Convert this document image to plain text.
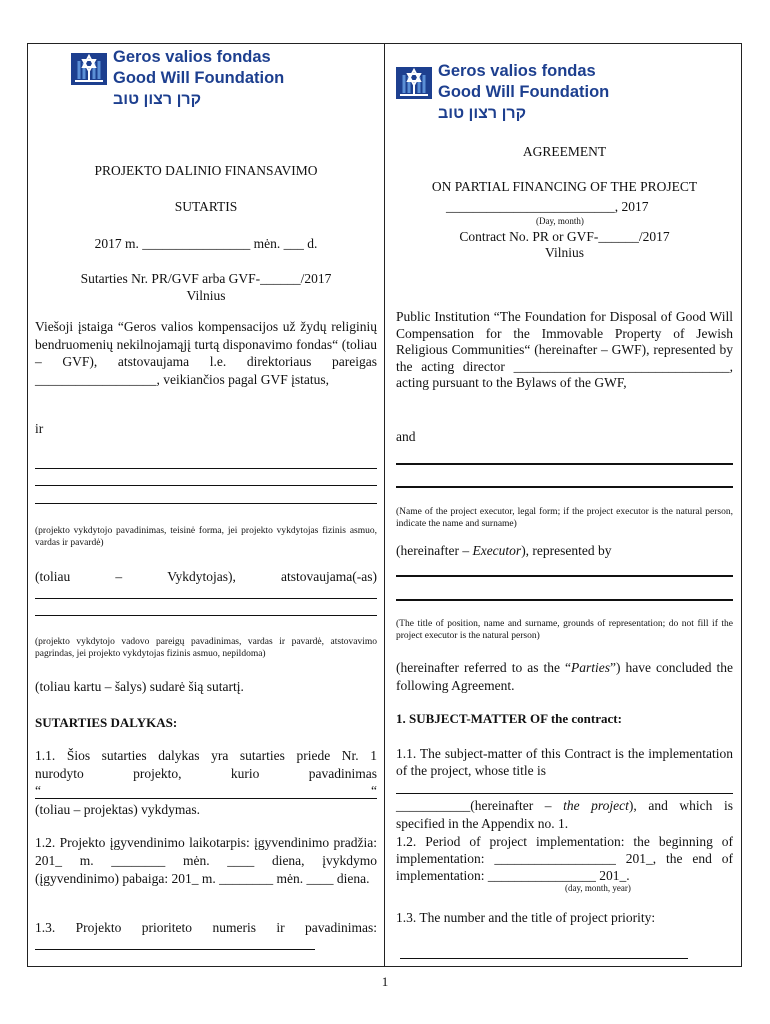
Geros valios fondas
Good Will Foundation
קרן רצון טוב
PROJEKTO DALINIO FINANSAVIMO
SUTARTIS
2017 m. ________________ mėn. ___ d.
Sutarties Nr. PR/GVF arba GVF-______/2017
Vilnius

Viešoji įstaiga “Geros valios kompensacijos už žydų religinių bendruomenių nekilnojamąjį turtą disponavimo fondas“ (toliau – GVF), atstovaujama l.e. direktoriaus pareigas __________________, veikiančios pagal GVF įstatus,

ir

(projekto vykdytojo pavadinimas, teisinė forma, jei projekto vykdytojas fizinis asmuo, vardas ir pavardė)

(toliau	–	Vykdytojas),	atstovaujama(-as)

(projekto vykdytojo vadovo pareigų pavadinimas, vardas ir pavardė, atstovavimo pagrindas, jei projekto vykdytojas fizinis asmuo, nepildoma)

(toliau kartu – šalys) sudarė šią sutartį.
SUTARTIES DALYKAS:
1.1. Šios sutarties dalykas yra sutarties priede Nr. 1
nurodyto projekto, kurio pavadinimas
“	“
(toliau – projektas) vykdymas.

1.2. Projekto įgyvendinimo laikotarpis: įgyvendinimo pradžia: 201_ m. ________ mėn. ____ diena, įvykdymo (įgyvendinimo) pabaiga: 201_ m. ________ mėn. ____ diena.

1.3. Projekto prioriteto numeris ir pavadinimas:
Geros valios fondas
Good Will Foundation
קרן רצון טוב
AGREEMENT
ON PARTIAL FINANCING OF THE PROJECT
_________________________, 2017
(Day, month)
Contract No. PR or GVF-______/2017
Vilnius

Public Institution “The Foundation for Disposal of Good Will Compensation for the Immovable Property of Jewish Religious Communities“ (hereinafter – GWF), represented by the acting director ________________________________, acting pursuant to the Bylaws of the GWF,

and

(Name of the project executor, legal form; if the project executor is the natural person, indicate the name and surname)

(hereinafter – Executor), represented by

(The title of position, name and surname, grounds of representation; do not fill if the project executor is the natural person)

(hereinafter referred to as the “Parties”) have concluded the following Agreement.

1. SUBJECT-MATTER OF the contract:

1.1. The subject-matter of this Contract is the implementation of the project, whose title is

___________(hereinafter – the project), and which is specified in the Appendix no. 1.

1.2. Period of project implementation: the beginning of implementation: __________________ 201_, the end of implementation: ________________ 201_.

(day, month, year)
1.3. The number and the title of project priority:
1
